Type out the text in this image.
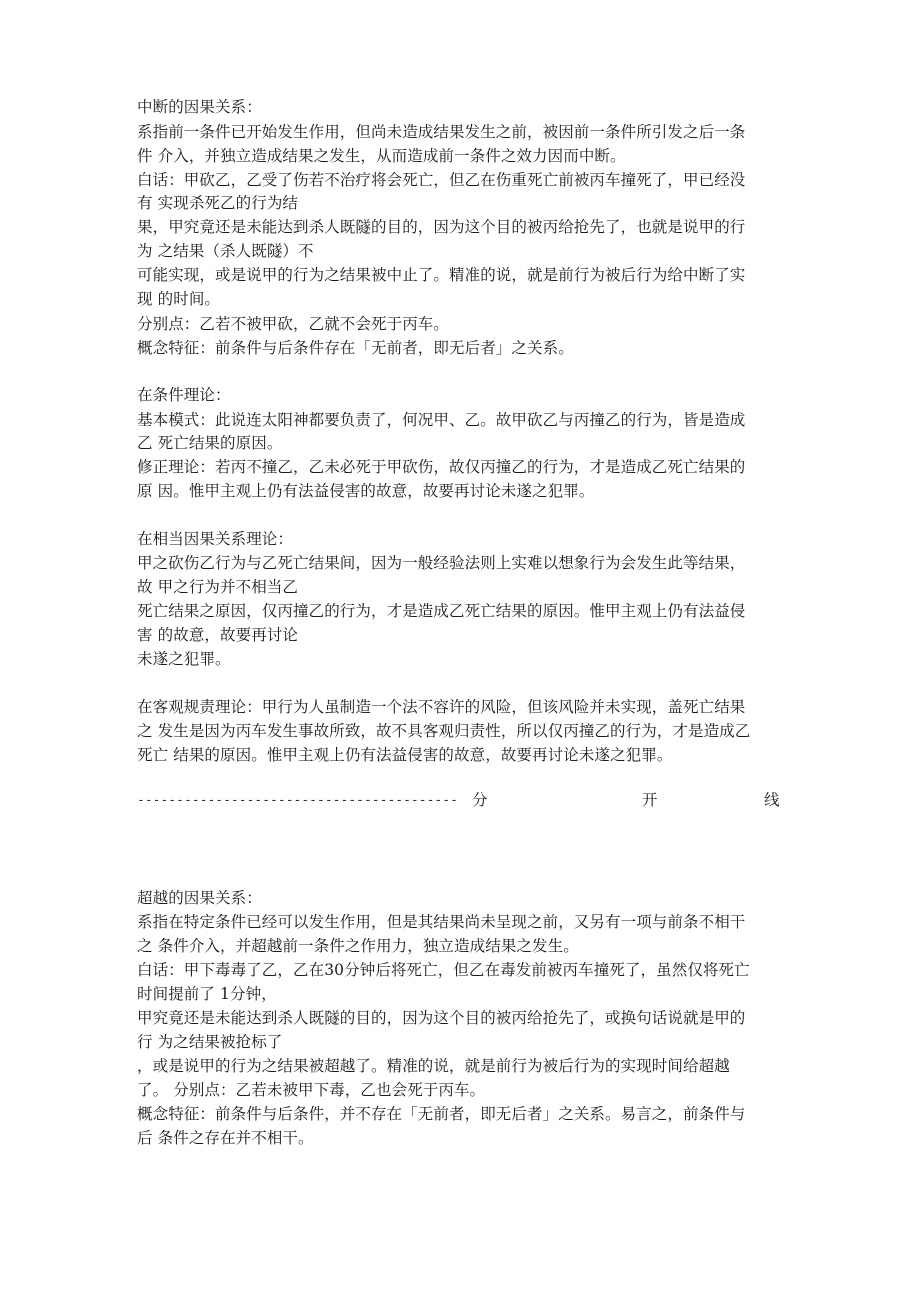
中断的因果关系：
系指前一条件已开始发生作用，但尚未造成结果发生之前，被因前一条件所引发之后一条
件 介入，并独立造成结果之发生，从而造成前一条件之效力因而中断。
白话：甲砍乙，乙受了伤若不治疗将会死亡，但乙在伤重死亡前被丙车撞死了，甲已经没
有 实现杀死乙的行为结
果，甲究竟还是未能达到杀人既隧的目的，因为这个目的被丙给抢先了，也就是说甲的行
为 之结果（杀人既隧）不
可能实现，或是说甲的行为之结果被中止了。精准的说，就是前行为被后行为给中断了实
现 的时间。
分别点：乙若不被甲砍，乙就不会死于丙车。
概念特征：前条件与后条件存在「无前者，即无后者」之关系。
在条件理论：
基本模式：此说连太阳神都要负责了，何况甲、乙。故甲砍乙与丙撞乙的行为，皆是造成
乙 死亡结果的原因。
修正理论：若丙不撞乙，乙未必死于甲砍伤，故仅丙撞乙的行为，才是造成乙死亡结果的
原 因。惟甲主观上仍有法益侵害的故意，故要再讨论未遂之犯罪。
在相当因果关系理论：
甲之砍伤乙行为与乙死亡结果间，因为一般经验法则上实难以想象行为会发生此等结果，
故 甲之行为并不相当乙
死亡结果之原因，仅丙撞乙的行为，才是造成乙死亡结果的原因。惟甲主观上仍有法益侵
害 的故意，故要再讨论
未遂之犯罪。
在客观规责理论：甲行为人虽制造一个法不容许的风险，但该风险并未实现，盖死亡结果
之 发生是因为丙车发生事故所致，故不具客观归责性，所以仅丙撞乙的行为，才是造成乙
死亡 结果的原因。惟甲主观上仍有法益侵害的故意，故要再讨论未遂之犯罪。
----------------------------------------- 分	开	线
超越的因果关系：
系指在特定条件已经可以发生作用，但是其结果尚未呈现之前，又另有一项与前条不相干
之 条件介入，并超越前一条件之作用力，独立造成结果之发生。
白话：甲下毒毒了乙，乙在30分钟后将死亡，但乙在毒发前被丙车撞死了，虽然仅将死亡
时间提前了 1分钟，
甲究竟还是未能达到杀人既隧的目的，因为这个目的被丙给抢先了，或换句话说就是甲的
行 为之结果被抢标了
，或是说甲的行为之结果被超越了。精准的说，就是前行为被后行为的实现时间给超越
了。 分别点：乙若未被甲下毒，乙也会死于丙车。
概念特征：前条件与后条件，并不存在「无前者，即无后者」之关系。易言之，前条件与
后 条件之存在并不相干。
